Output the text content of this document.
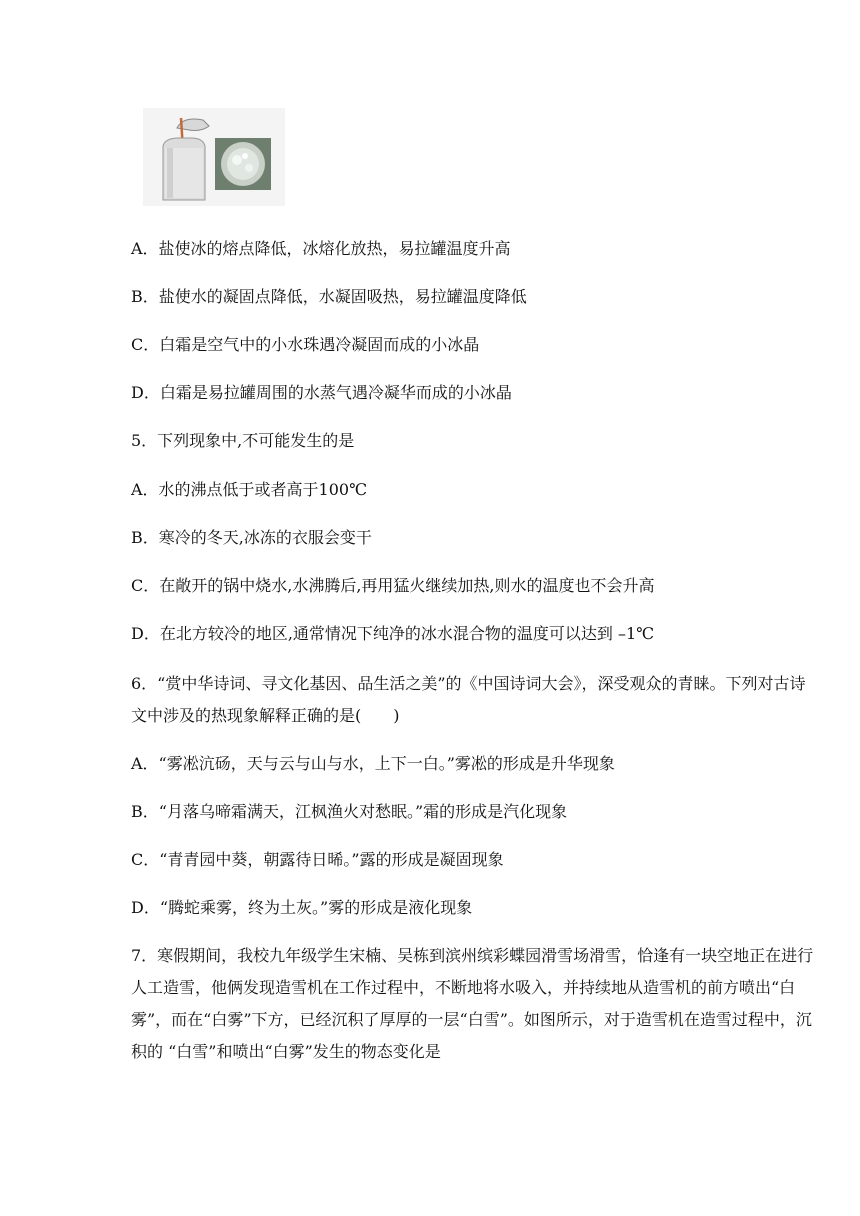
A．盐使冰的熔点降低，冰熔化放热，易拉罐温度升高
B．盐使水的凝固点降低，水凝固吸热，易拉罐温度降低
C．白霜是空气中的小水珠遇冷凝固而成的小冰晶
D．白霜是易拉罐周围的水蒸气遇冷凝华而成的小冰晶
5．下列现象中,不可能发生的是
A．水的沸点低于或者高于100℃
B．寒冷的冬天,冰冻的衣服会变干
C．在敞开的锅中烧水,水沸腾后,再用猛火继续加热,则水的温度也不会升高
D．在北方较冷的地区,通常情况下纯净的冰水混合物的温度可以达到 –1℃
6．“赏中华诗词、寻文化基因、品生活之美”的《中国诗词大会》，深受观众的青睐。下列对古诗文中涉及的热现象解释正确的是(　　)
A．“雾凇沆砀，天与云与山与水，上下一白。”雾凇的形成是升华现象
B．“月落乌啼霜满天，江枫渔火对愁眠。”霜的形成是汽化现象
C．“青青园中葵，朝露待日晞。”露的形成是凝固现象
D．“腾蛇乘雾，终为土灰。”雾的形成是液化现象
7．寒假期间，我校九年级学生宋楠、吴栋到滨州缤彩蝶园滑雪场滑雪，恰逢有一块空地正在进行人工造雪，他俩发现造雪机在工作过程中，不断地将水吸入，并持续地从造雪机的前方喷出“白雾”，而在“白雾”下方，已经沉积了厚厚的一层“白雪”。如图所示，对于造雪机在造雪过程中，沉积的 “白雪”和喷出“白雾”发生的物态变化是
